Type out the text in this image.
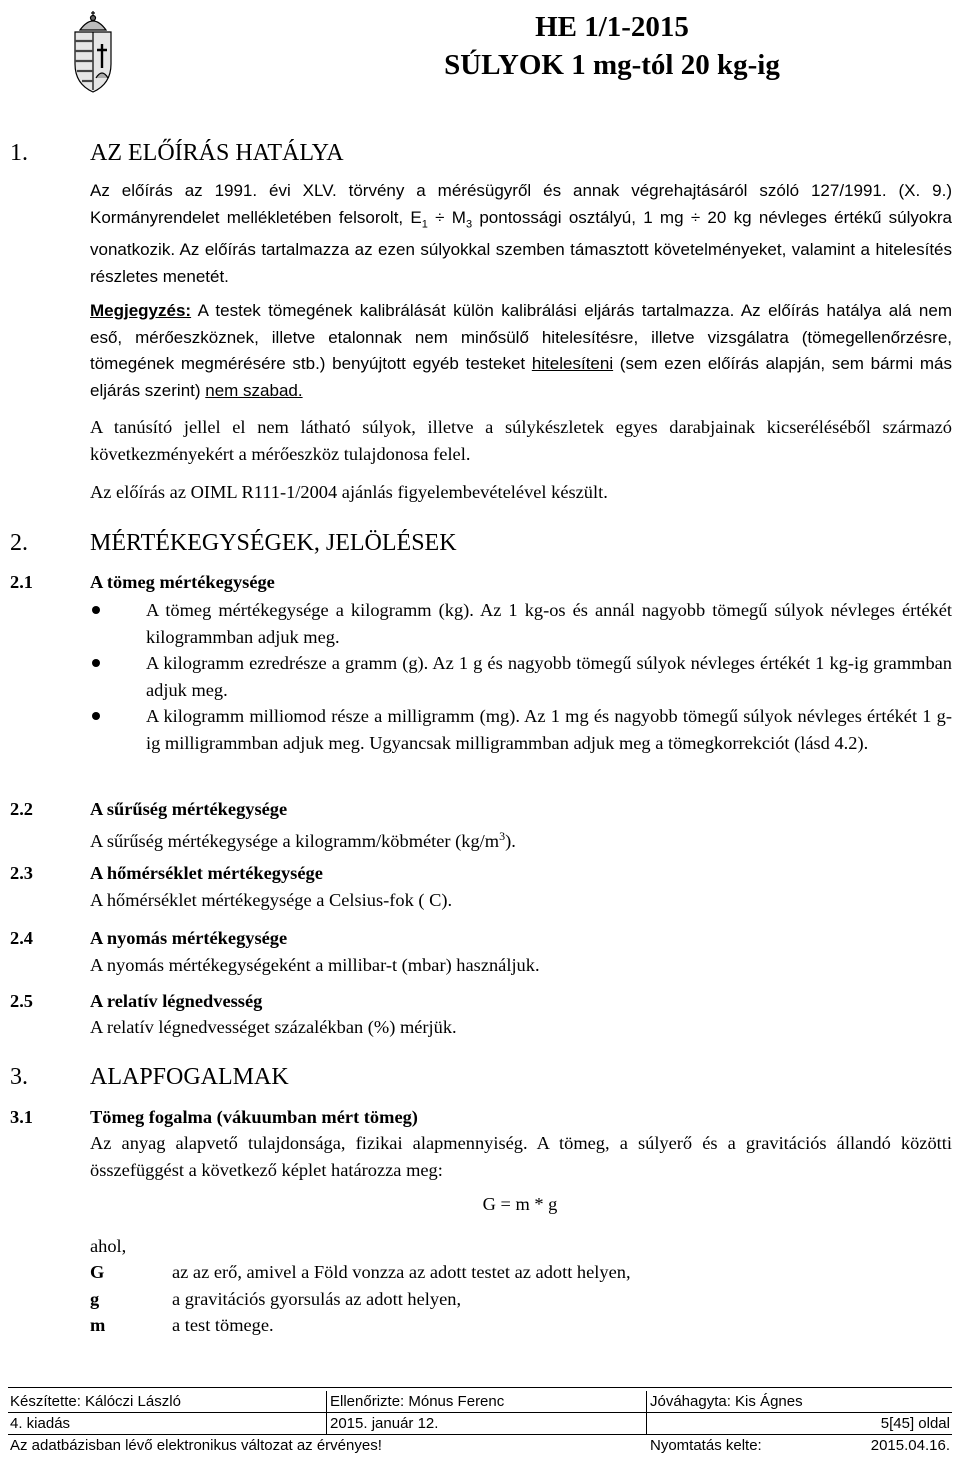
HE 1/1-2015
SÚLYOK 1 mg-tól 20 kg-ig
1.	AZ ELŐÍRÁS HATÁLYA
Az előírás az 1991. évi XLV. törvény a mérésügyről és annak végrehajtásáról szóló 127/1991. (X. 9.) Kormányrendelet mellékletében felsorolt, $E_1 \div M_3$ pontossági osztályú, 1 mg ÷ 20 kg névleges értékű súlyokra vonatkozik. Az előírás tartalmazza az ezen súlyokkal szemben támasztott követelményeket, valamint a hitelesítés részletes menetét.
Megjegyzés: A testek tömegének kalibrálását külön kalibrálási eljárás tartalmazza. Az előírás hatálya alá nem eső, mérőeszköznek, illetve etalonnak nem minősülő hitelesítésre, illetve vizsgálatra (tömegellenőrzésre, tömegének megmérésére stb.) benyújtott egyéb testeket hitelesíteni (sem ezen előírás alapján, sem bármi más eljárás szerint) nem szabad.
A tanúsító jellel el nem látható súlyok, illetve a súlykészletek egyes darabjainak kicseréléséből származó következményekért a mérőeszköz tulajdonosa felel.
Az előírás az OIML R111-1/2004 ajánlás figyelembevételével készült.
2.	MÉRTÉKEGYSÉGEK, JELÖLÉSEK
2.1	A tömeg mértékegysége
A tömeg mértékegysége a kilogramm (kg). Az 1 kg-os és annál nagyobb tömegű súlyok névleges értékét kilogrammban adjuk meg.
A kilogramm ezredrésze a gramm (g). Az 1 g és nagyobb tömegű súlyok névleges értékét 1 kg-ig grammban adjuk meg.
A kilogramm milliomod része a milligramm (mg). Az 1 mg és nagyobb tömegű súlyok névleges értékét 1 g-ig milligrammban adjuk meg. Ugyancsak milligrammban adjuk meg a tömegkorrekciót (lásd 4.2).
2.2	A sűrűség mértékegysége
A sűrűség mértékegysége a kilogramm/köbméter $(kg/m^3)$.
2.3	A hőmérséklet mértékegysége
A hőmérséklet mértékegysége a Celsius-fok ( C).
2.4	A nyomás mértékegysége
A nyomás mértékegységeként a millibar-t (mbar) használjuk.
2.5	A relatív légnedvesség
A relatív légnedvességet százalékban (%) mérjük.
3.	ALAPFOGALMAK
3.1	Tömeg fogalma (vákuumban mért tömeg)
Az anyag alapvető tulajdonsága, fizikai alapmennyiség. A tömeg, a súlyerő és a gravitációs állandó közötti összefüggést a következő képlet határozza meg:
G = m * g
ahol,
G	az az erő, amivel a Föld vonzza az adott testet az adott helyen,
g	a gravitációs gyorsulás az adott helyen,
m	a test tömege.
Készítette: Kálóczi László	Ellenőrizte: Mónus Ferenc	Jóváhagyta: Kis Ágnes
4. kiadás	2015. január 12.	5[45] oldal
Az adatbázisban lévő elektronikus változat az érvényes!	Nyomtatás kelte:	2015.04.16.
